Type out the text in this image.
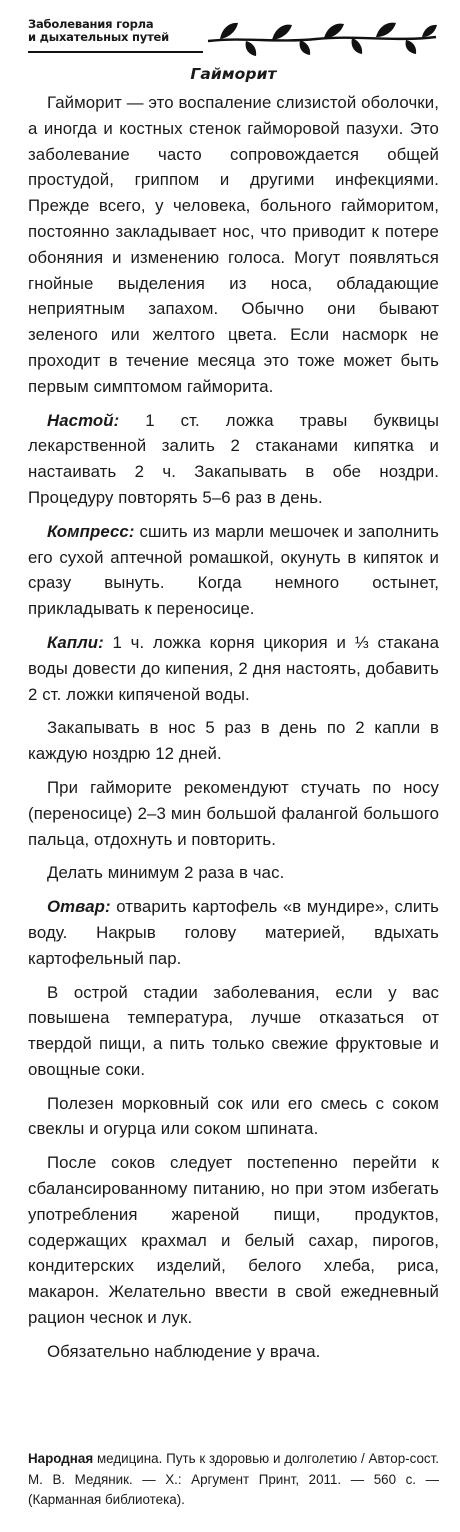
Заболевания горла
и дыхательных путей
Гайморит

Гайморит — это воспаление слизистой оболочки, а иногда и костных стенок гайморовой пазухи. Это заболевание часто сопровождается общей простудой, гриппом и другими инфекциями. Прежде всего, у человека, больного гайморитом, постоянно закладывает нос, что приводит к потере обоняния и изменению голоса. Могут появляться гнойные выделения из носа, обладающие неприятным запахом. Обычно они бывают зеленого или желтого цвета. Если насморк не проходит в течение месяца это тоже может быть первым симптомом гайморита.

Настой: 1 ст. ложка травы буквицы лекарственной залить 2 стаканами кипятка и настаивать 2 ч. Закапывать в обе ноздри. Процедуру повторять 5–6 раз в день.

Компресс: сшить из марли мешочек и заполнить его сухой аптечной ромашкой, окунуть в кипяток и сразу вынуть. Когда немного остынет, прикладывать к переносице.

Капли: 1 ч. ложка корня цикория и ⅓ стакана воды довести до кипения, 2 дня настоять, добавить 2 ст. ложки кипяченой воды.

Закапывать в нос 5 раз в день по 2 капли в каждую ноздрю 12 дней.

При гайморите рекомендуют стучать по носу (переносице) 2–3 мин большой фалангой большого пальца, отдохнуть и повторить.

Делать минимум 2 раза в час.

Отвар: отварить картофель «в мундире», слить воду. Накрыв голову материей, вдыхать картофельный пар.

В острой стадии заболевания, если у вас повышена температура, лучше отказаться от твердой пищи, а пить только свежие фруктовые и овощные соки.

Полезен морковный сок или его смесь с соком свеклы и огурца или соком шпината.

После соков следует постепенно перейти к сбалансированному питанию, но при этом избегать употребления жареной пищи, продуктов, содержащих крахмал и белый сахар, пирогов, кондитерских изделий, белого хлеба, риса, макарон. Желательно ввести в свой ежедневный рацион чеснок и лук.

Обязательно наблюдение у врача.

Народная медицина. Путь к здоровью и долголетию / Автор-сост. М. В. Медяник. — Х.: Аргумент Принт, 2011. — 560 с. — (Карманная библиотека).
